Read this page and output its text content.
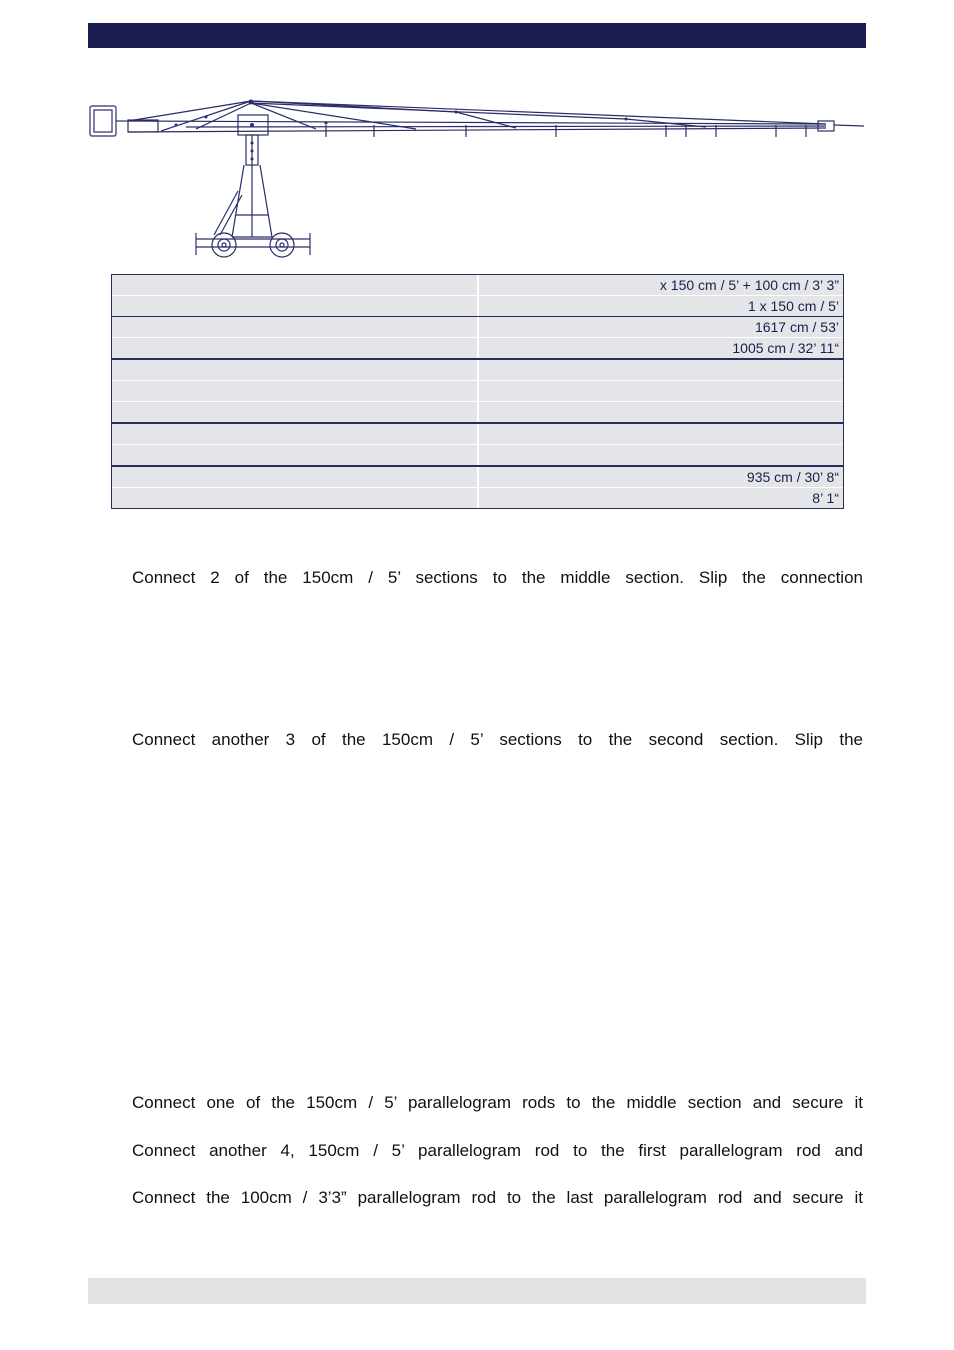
x 150 cm / 5’ + 100 cm / 3’ 3”
1 x 150 cm / 5’
1617 cm / 53’
1005 cm / 32’ 11“
935 cm / 30’ 8“
8’ 1“
Connect 2 of the 150cm / 5’ sections to the middle section. Slip the connection
Connect another 3 of the 150cm / 5’ sections to the second section. Slip the
Connect one of the 150cm / 5’ parallelogram rods to the middle section and secure it
Connect another 4, 150cm / 5’ parallelogram rod to the first parallelogram rod and
Connect the 100cm / 3’3” parallelogram rod to the last parallelogram rod and secure it
